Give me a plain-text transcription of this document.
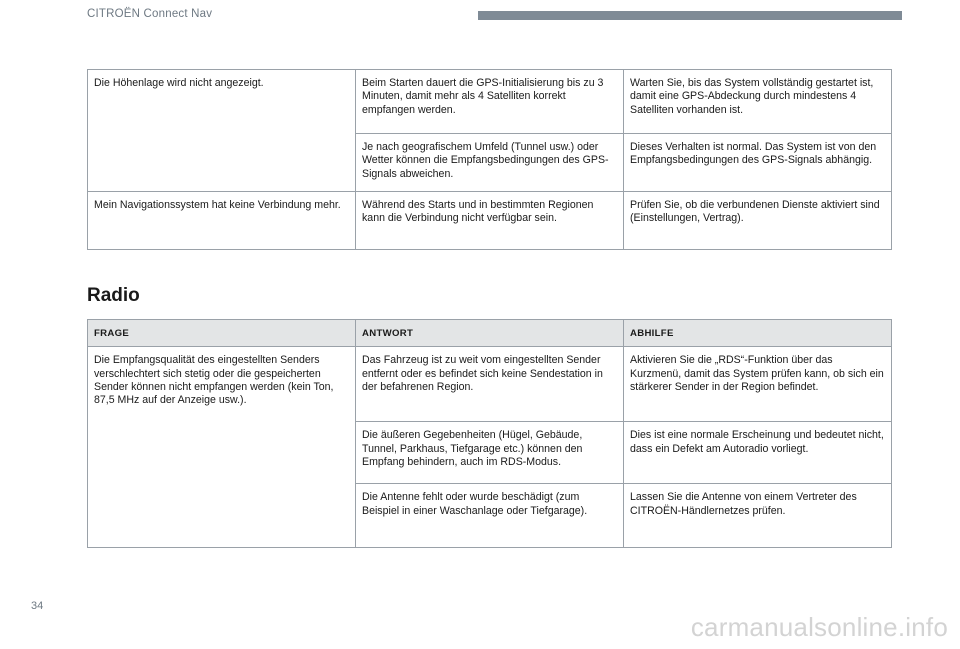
CITROËN Connect Nav
Die Höhenlage wird nicht angezeigt.	Beim Starten dauert die GPS-Initialisierung bis zu 3 Minuten, damit mehr als 4 Satelliten korrekt empfangen werden.	Warten Sie, bis das System vollständig gestartet ist, damit eine GPS-Abdeckung durch mindestens 4 Satelliten vorhanden ist.
	Je nach geografischem Umfeld (Tunnel usw.) oder Wetter können die Empfangsbedingungen des GPS-Signals abweichen.	Dieses Verhalten ist normal. Das System ist von den Empfangsbedingungen des GPS-Signals abhängig.
Mein Navigationssystem hat keine Verbindung mehr.	Während des Starts und in bestimmten Regionen kann die Verbindung nicht verfügbar sein.	Prüfen Sie, ob die verbundenen Dienste aktiviert sind (Einstellungen, Vertrag).
Radio
FRAGE	ANTWORT	ABHILFE
Die Empfangsqualität des eingestellten Senders verschlechtert sich stetig oder die gespeicherten Sender können nicht empfangen werden (kein Ton, 87,5 MHz auf der Anzeige usw.).	Das Fahrzeug ist zu weit vom eingestellten Sender entfernt oder es befindet sich keine Sendestation in der befahrenen Region.	Aktivieren Sie die „RDS“-Funktion über das Kurzmenü, damit das System prüfen kann, ob sich ein stärkerer Sender in der Region befindet.
	Die äußeren Gegebenheiten (Hügel, Gebäude, Tunnel, Parkhaus, Tiefgarage etc.) können den Empfang behindern, auch im RDS-Modus.	Dies ist eine normale Erscheinung und bedeutet nicht, dass ein Defekt am Autoradio vorliegt.
	Die Antenne fehlt oder wurde beschädigt (zum Beispiel in einer Waschanlage oder Tiefgarage).	Lassen Sie die Antenne von einem Vertreter des CITROËN-Händlernetzes prüfen.
34
carmanualsonline.info
